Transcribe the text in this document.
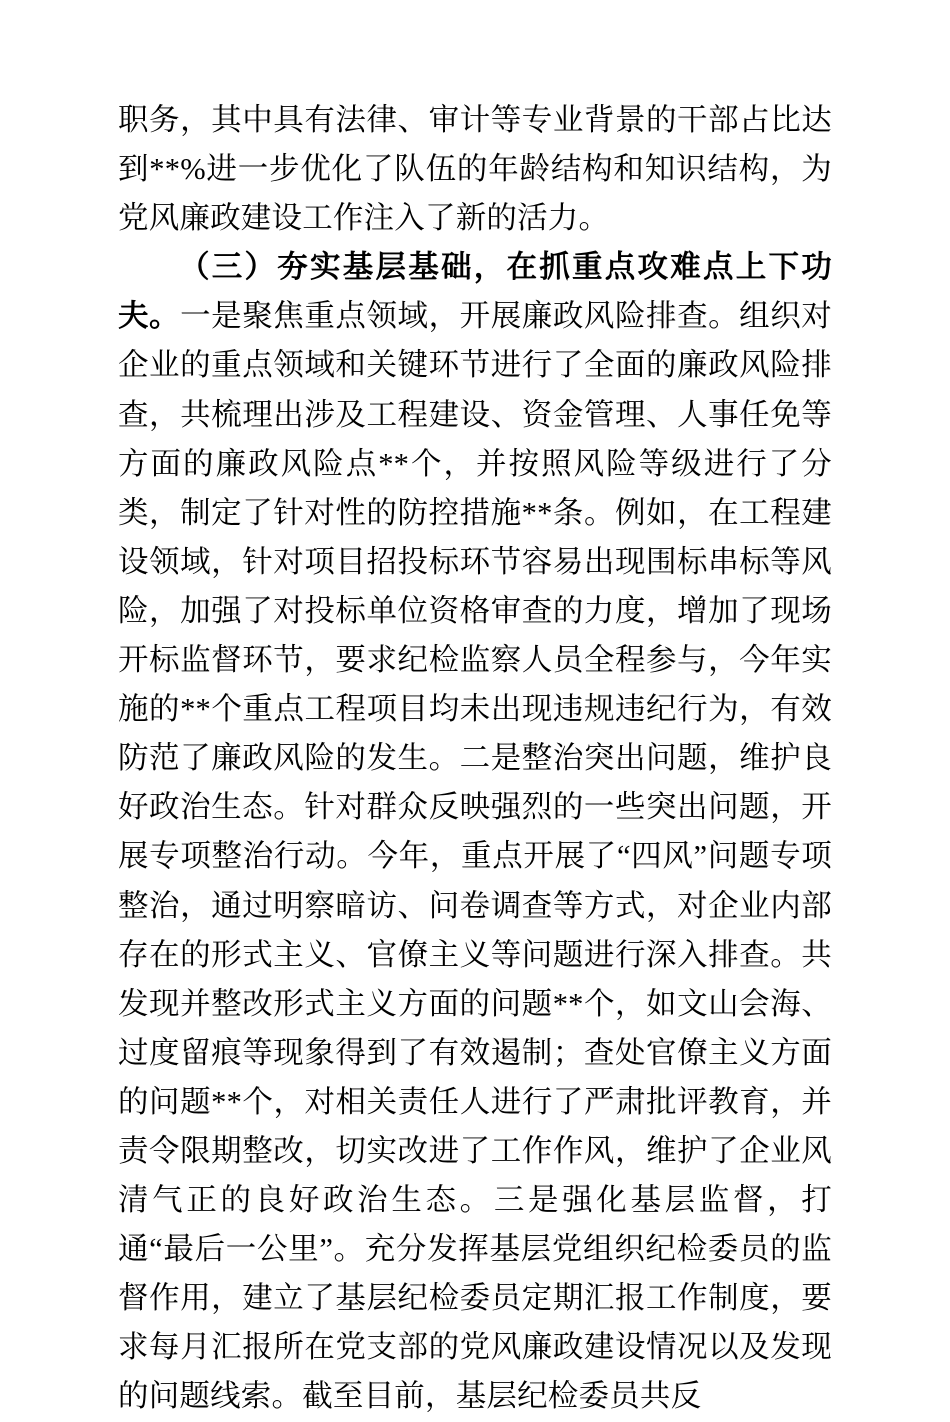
职务，其中具有法律、审计等专业背景的干部占比达到**%进一步优化了队伍的年龄结构和知识结构，为党风廉政建设工作注入了新的活力。

（三）夯实基层基础，在抓重点攻难点上下功夫。一是聚焦重点领域，开展廉政风险排查。组织对企业的重点领域和关键环节进行了全面的廉政风险排查，共梳理出涉及工程建设、资金管理、人事任免等方面的廉政风险点**个，并按照风险等级进行了分类，制定了针对性的防控措施**条。例如，在工程建设领域，针对项目招投标环节容易出现围标串标等风险，加强了对投标单位资格审查的力度，增加了现场开标监督环节，要求纪检监察人员全程参与，今年实施的**个重点工程项目均未出现违规违纪行为，有效防范了廉政风险的发生。二是整治突出问题，维护良好政治生态。针对群众反映强烈的一些突出问题，开展专项整治行动。今年，重点开展了“四风”问题专项整治，通过明察暗访、问卷调查等方式，对企业内部存在的形式主义、官僚主义等问题进行深入排查。共发现并整改形式主义方面的问题**个，如文山会海、过度留痕等现象得到了有效遏制；查处官僚主义方面的问题**个，对相关责任人进行了严肃批评教育，并责令限期整改，切实改进了工作作风，维护了企业风清气正的良好政治生态。三是强化基层监督，打通“最后一公里”。充分发挥基层党组织纪检委员的监督作用，建立了基层纪检委员定期汇报工作制度，要求每月汇报所在党支部的党风廉政建设情况以及发现的问题线索。截至目前，基层纪检委员共反
